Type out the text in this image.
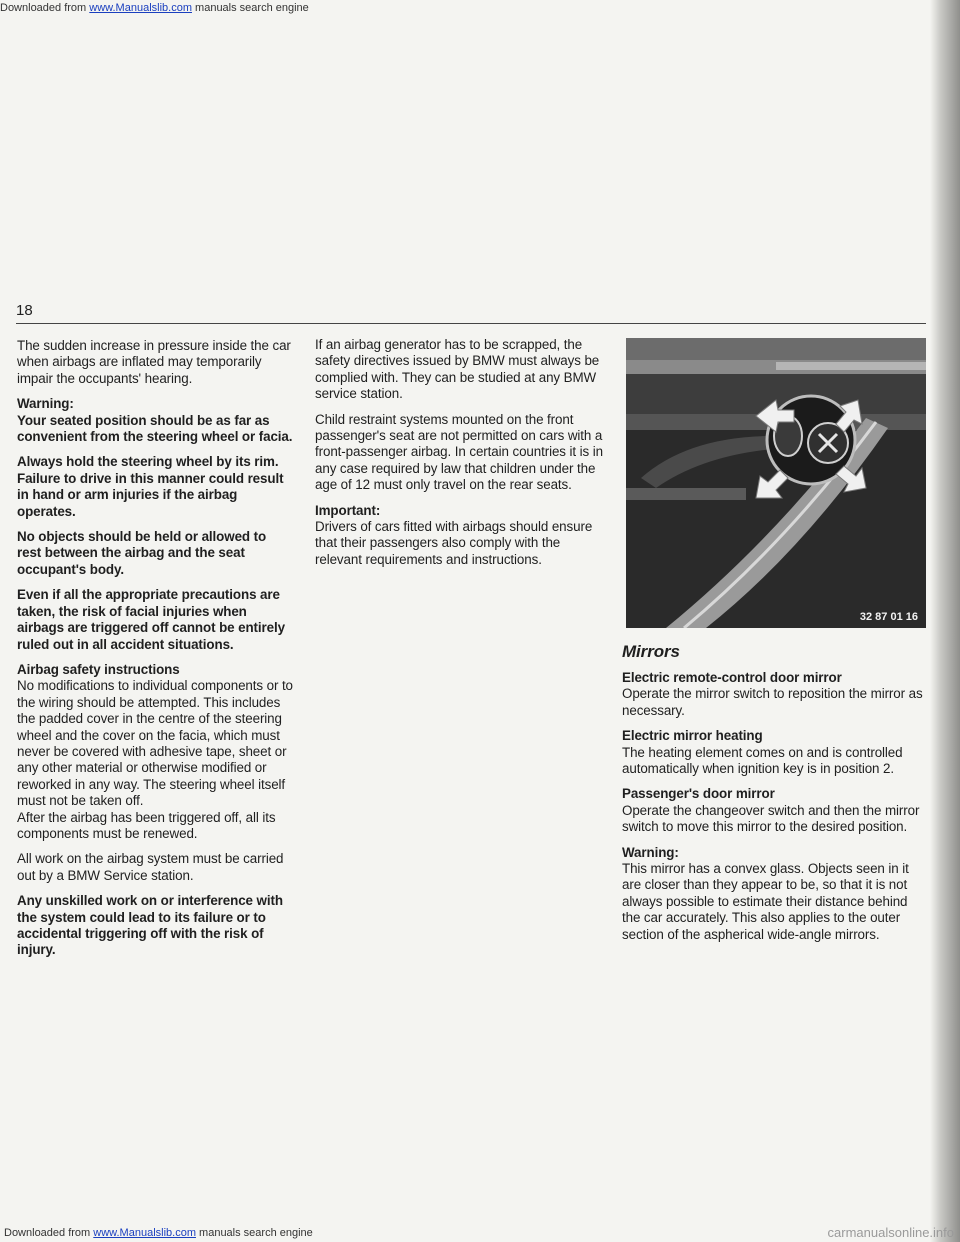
Downloaded from www.Manualslib.com manuals search engine
18

The sudden increase in pressure inside the car when airbags are inflated may temporarily impair the occupants' hearing.

Warning:
Your seated position should be as far as convenient from the steering wheel or facia.

Always hold the steering wheel by its rim. Failure to drive in this manner could result in hand or arm injuries if the airbag operates.

No objects should be held or allowed to rest between the airbag and the seat occupant's body.

Even if all the appropriate precautions are taken, the risk of facial injuries when airbags are triggered off cannot be entirely ruled out in all accident situations.

Airbag safety instructions
No modifications to individual components or to the wiring should be attempted. This includes the padded cover in the centre of the steering wheel and the cover on the facia, which must never be covered with adhesive tape, sheet or any other material or otherwise modified or reworked in any way. The steering wheel itself must not be taken off.
After the airbag has been triggered off, all its components must be renewed.

All work on the airbag system must be carried out by a BMW Service station.

Any unskilled work on or interference with the system could lead to its failure or to accidental triggering off with the risk of injury.

If an airbag generator has to be scrapped, the safety directives issued by BMW must always be complied with. They can be studied at any BMW service station.

Child restraint systems mounted on the front passenger's seat are not permitted on cars with a front-passenger airbag. In certain countries it is in any case required by law that children under the age of 12 must only travel on the rear seats.

Important:
Drivers of cars fitted with airbags should ensure that their passengers also comply with the relevant requirements and instructions.

32 87 01 16
Mirrors

Electric remote-control door mirror
Operate the mirror switch to reposition the mirror as necessary.

Electric mirror heating
The heating element comes on and is controlled automatically when ignition key is in position 2.

Passenger's door mirror
Operate the changeover switch and then the mirror switch to move this mirror to the desired position.

Warning:
This mirror has a convex glass. Objects seen in it are closer than they appear to be, so that it is not always possible to estimate their distance behind the car accurately. This also applies to the outer section of the aspherical wide-angle mirrors.

Downloaded from www.Manualslib.com manuals search engine	carmanualsonline.info
